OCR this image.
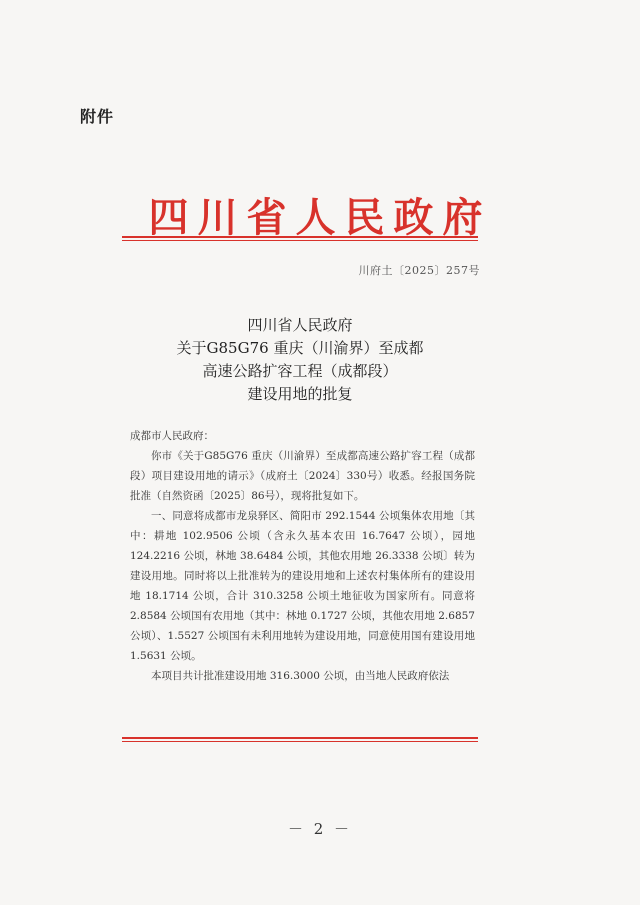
附件
四川省人民政府
川府土〔2025〕257号
四川省人民政府
关于G85G76 重庆（川渝界）至成都
高速公路扩容工程（成都段）
建设用地的批复

成都市人民政府：

你市《关于G85G76 重庆（川渝界）至成都高速公路扩容工程（成都段）项目建设用地的请示》（成府土〔2024〕330号）收悉。经报国务院批准（自然资函〔2025〕86号），现将批复如下。

一、同意将成都市龙泉驿区、简阳市 292.1544 公顷集体农用地〔其中：耕地 102.9506 公顷（含永久基本农田 16.7647 公顷），园地 124.2216 公顷，林地 38.6484 公顷，其他农用地 26.3338 公顷〕转为建设用地。同时将以上批准转为的建设用地和上述农村集体所有的建设用地 18.1714 公顷，合计 310.3258 公顷土地征收为国家所有。同意将 2.8584 公顷国有农用地（其中：林地 0.1727 公顷，其他农用地 2.6857 公顷）、1.5527 公顷国有未利用地转为建设用地，同意使用国有建设用地 1.5631 公顷。

本项目共计批准建设用地 316.3000 公顷，由当地人民政府依法

－ 2 －
